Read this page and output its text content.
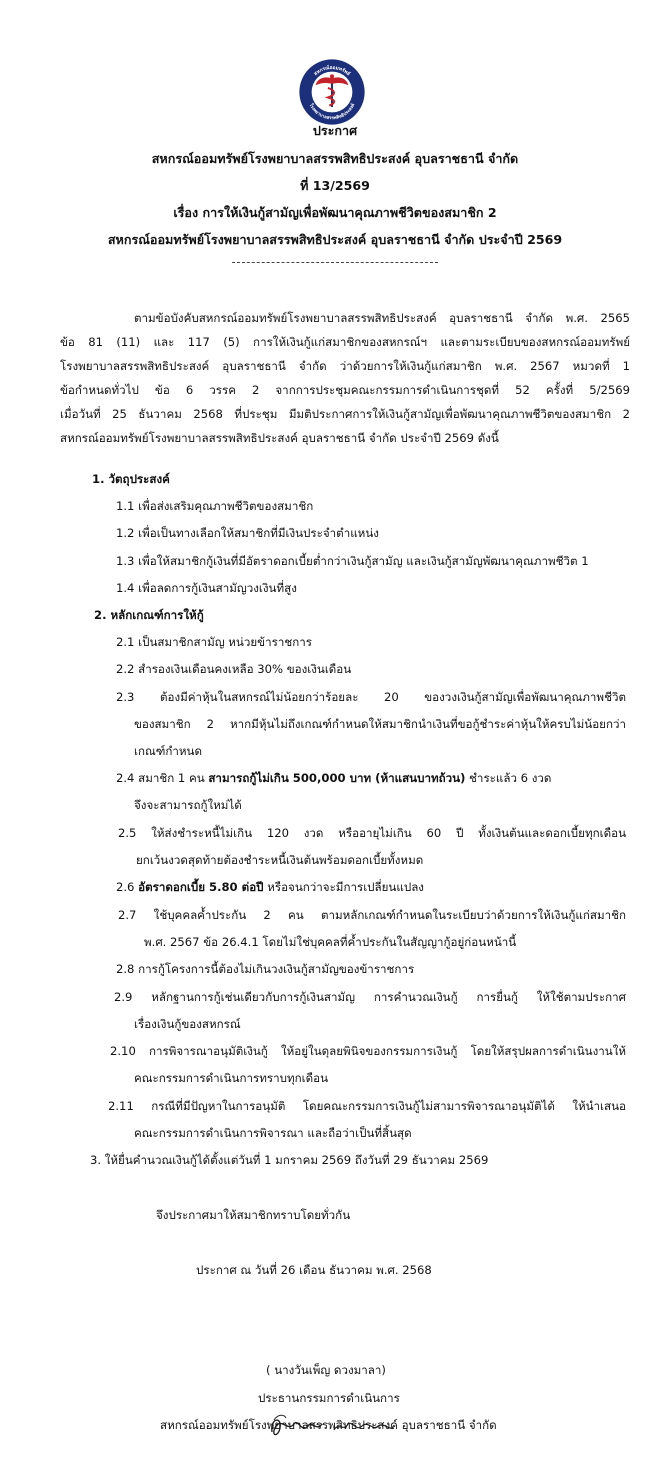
สหกรณ์ออมทรัพย์
โรงพยาบาลสรรพสิทธิประสงค์
ประกาศ
สหกรณ์ออมทรัพย์โรงพยาบาลสรรพสิทธิประสงค์ อุบลราชธานี จำกัด
ที่ 13/2569
เรื่อง การให้เงินกู้สามัญเพื่อพัฒนาคุณภาพชีวิตของสมาชิก 2
สหกรณ์ออมทรัพย์โรงพยาบาลสรรพสิทธิประสงค์ อุบลราชธานี จำกัด ประจำปี 2569

ตามข้อบังคับสหกรณ์ออมทรัพย์โรงพยาบาลสรรพสิทธิประสงค์ อุบลราชธานี จำกัด พ.ศ. 2565

ข้อ 81 (11) และ 117 (5) การให้เงินกู้แก่สมาชิกของสหกรณ์ฯ และตามระเบียบของสหกรณ์ออมทรัพย์

โรงพยาบาลสรรพสิทธิประสงค์ อุบลราชธานี จำกัด ว่าด้วยการให้เงินกู้แก่สมาชิก พ.ศ. 2567 หมวดที่ 1

ข้อกำหนดทั่วไป ข้อ 6 วรรค 2 จากการประชุมคณะกรรมการดำเนินการชุดที่ 52 ครั้งที่ 5/2569

เมื่อวันที่ 25 ธันวาคม 2568 ที่ประชุม มีมติประกาศการให้เงินกู้สามัญเพื่อพัฒนาคุณภาพชีวิตของสมาชิก 2

สหกรณ์ออมทรัพย์โรงพยาบาลสรรพสิทธิประสงค์ อุบลราชธานี จำกัด ประจำปี 2569 ดังนี้

1. วัตถุประสงค์
1.1 เพื่อส่งเสริมคุณภาพชีวิตของสมาชิก
1.2 เพื่อเป็นทางเลือกให้สมาชิกที่มีเงินประจำตำแหน่ง
1.3 เพื่อให้สมาชิกกู้เงินที่มีอัตราดอกเบี้ยต่ำกว่าเงินกู้สามัญ และเงินกู้สามัญพัฒนาคุณภาพชีวิต 1
1.4 เพื่อลดการกู้เงินสามัญวงเงินที่สูง
2. หลักเกณฑ์การให้กู้
2.1 เป็นสมาชิกสามัญ หน่วยข้าราชการ
2.2 สำรองเงินเดือนคงเหลือ 30% ของเงินเดือน
2.3 ต้องมีค่าหุ้นในสหกรณ์ไม่น้อยกว่าร้อยละ 20 ของวงเงินกู้สามัญเพื่อพัฒนาคุณภาพชีวิต
ของสมาชิก 2 หากมีหุ้นไม่ถึงเกณฑ์กำหนดให้สมาชิกนำเงินที่ขอกู้ชำระค่าหุ้นให้ครบไม่น้อยกว่า
เกณฑ์กำหนด
2.4 สมาชิก 1 คน สามารถกู้ไม่เกิน 500,000 บาท (ห้าแสนบาทถ้วน) ชำระแล้ว 6 งวด
จึงจะสามารถกู้ใหม่ได้
2.5 ให้ส่งชำระหนี้ไม่เกิน 120 งวด หรืออายุไม่เกิน 60 ปี ทั้งเงินต้นและดอกเบี้ยทุกเดือน
ยกเว้นงวดสุดท้ายต้องชำระหนี้เงินต้นพร้อมดอกเบี้ยทั้งหมด
2.6 อัตราดอกเบี้ย 5.80 ต่อปี หรือจนกว่าจะมีการเปลี่ยนแปลง
2.7 ใช้บุคคลค้ำประกัน 2 คน ตามหลักเกณฑ์กำหนดในระเบียบว่าด้วยการให้เงินกู้แก่สมาชิก
พ.ศ. 2567 ข้อ 26.4.1 โดยไม่ใช่บุคคลที่ค้ำประกันในสัญญากู้อยู่ก่อนหน้านี้
2.8 การกู้โครงการนี้ต้องไม่เกินวงเงินกู้สามัญของข้าราชการ
2.9 หลักฐานการกู้เช่นเดียวกับการกู้เงินสามัญ การคำนวณเงินกู้ การยื่นกู้ ให้ใช้ตามประกาศ
เรื่องเงินกู้ของสหกรณ์
2.10 การพิจารณาอนุมัติเงินกู้ ให้อยู่ในดุลยพินิจของกรรมการเงินกู้ โดยให้สรุปผลการดำเนินงานให้
คณะกรรมการดำเนินการทราบทุกเดือน
2.11 กรณีที่มีปัญหาในการอนุมัติ โดยคณะกรรมการเงินกู้ไม่สามารพิจารณาอนุมัติได้ ให้นำเสนอ
คณะกรรมการดำเนินการพิจารณา และถือว่าเป็นที่สิ้นสุด
3. ให้ยื่นคำนวณเงินกู้ได้ตั้งแต่วันที่ 1 มกราคม 2569 ถึงวันที่ 29 ธันวาคม 2569
จึงประกาศมาให้สมาชิกทราบโดยทั่วกัน
ประกาศ ณ วันที่ 26 เดือน ธันวาคม พ.ศ. 2568
( นางวันเพ็ญ ดวงมาลา)
ประธานกรรมการดำเนินการ
สหกรณ์ออมทรัพย์โรงพยาบาลสรรพสิทธิประสงค์ อุบลราชธานี จำกัด
